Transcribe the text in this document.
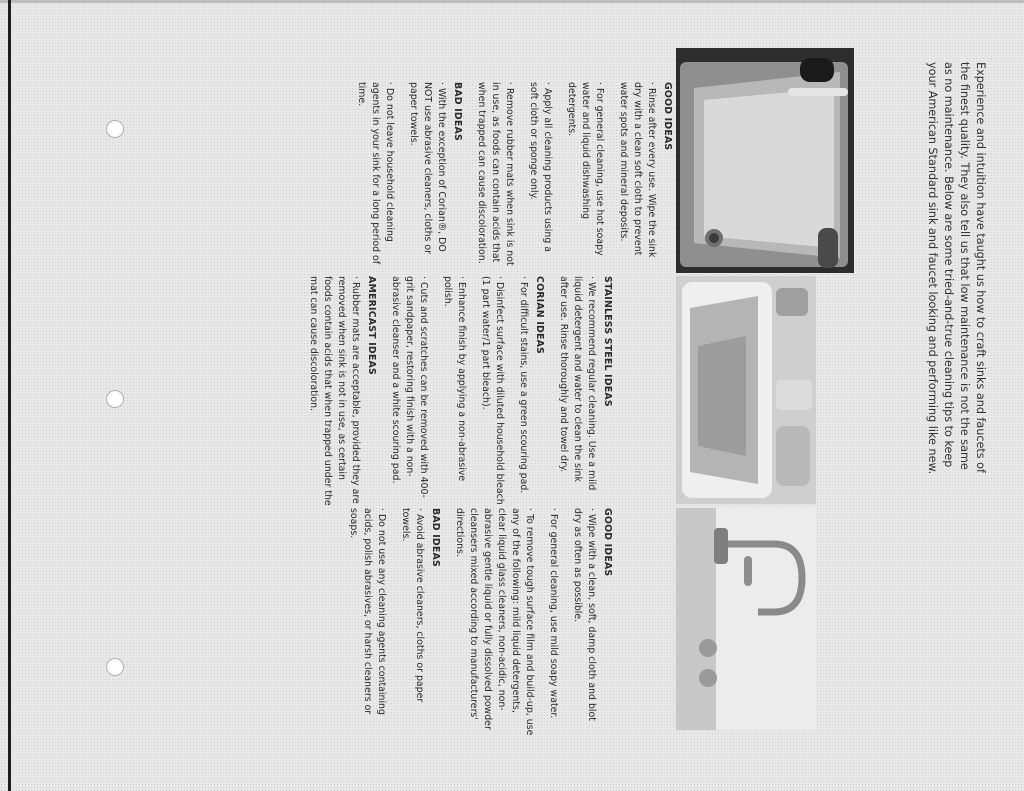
Experience and intuition have taught us how to craft sinks and faucets of the finest quality. They also tell us that low maintenance is not the same as no maintenance. Below are some tried-and-true cleaning tips to keep your American Standard sink and faucet looking and performing like new.
GOOD IDEAS

· Rinse after every use. Wipe the sink dry with a clean soft cloth to prevent water spots and mineral deposits.

· For general cleaning, use hot soapy water and liquid dishwashing detergents.

· Apply all cleaning products using a soft cloth or sponge only.

· Remove rubber mats when sink is not in use, as foods can contain acids that when trapped can cause discoloration.

BAD IDEAS

· With the exception of Corian®, DO NOT use abrasive cleaners, cloths or paper towels.

· Do not leave household cleaning agents in your sink for a long period of time.

STAINLESS STEEL IDEAS

· We recommend regular cleaning. Use a mild liquid detergent and water to clean the sink after use. Rinse thoroughly and towel dry.

CORIAN IDEAS

· For difficult stains, use a green scouring pad.

· Disinfect surface with diluted household bleach (1 part water/1 part bleach).

· Enhance finish by applying a non-abrasive polish.

· Cuts and scratches can be removed with 400-grit sandpaper, restoring finish with a non-abrasive cleanser and a white scouring pad.

AMERICAST IDEAS

· Rubber mats are acceptable, provided they are removed when sink is not in use, as certain foods contain acids that when trapped under the mat can cause discoloration.

GOOD IDEAS

· Wipe with a clean, soft, damp cloth and blot dry as often as possible.

· For general cleaning, use mild soapy water.

· To remove tough surface film and build-up, use any of the following: mild liquid detergents, clear liquid glass cleaners, non-acidic, non-abrasive gentle liquid or fully dissolved powder cleansers mixed according to manufacturers' directions.

BAD IDEAS

· Avoid abrasive cleaners, cloths or paper towels.

· Do not use any cleaning agents containing acids, polish abrasives, or harsh cleaners or soaps.
